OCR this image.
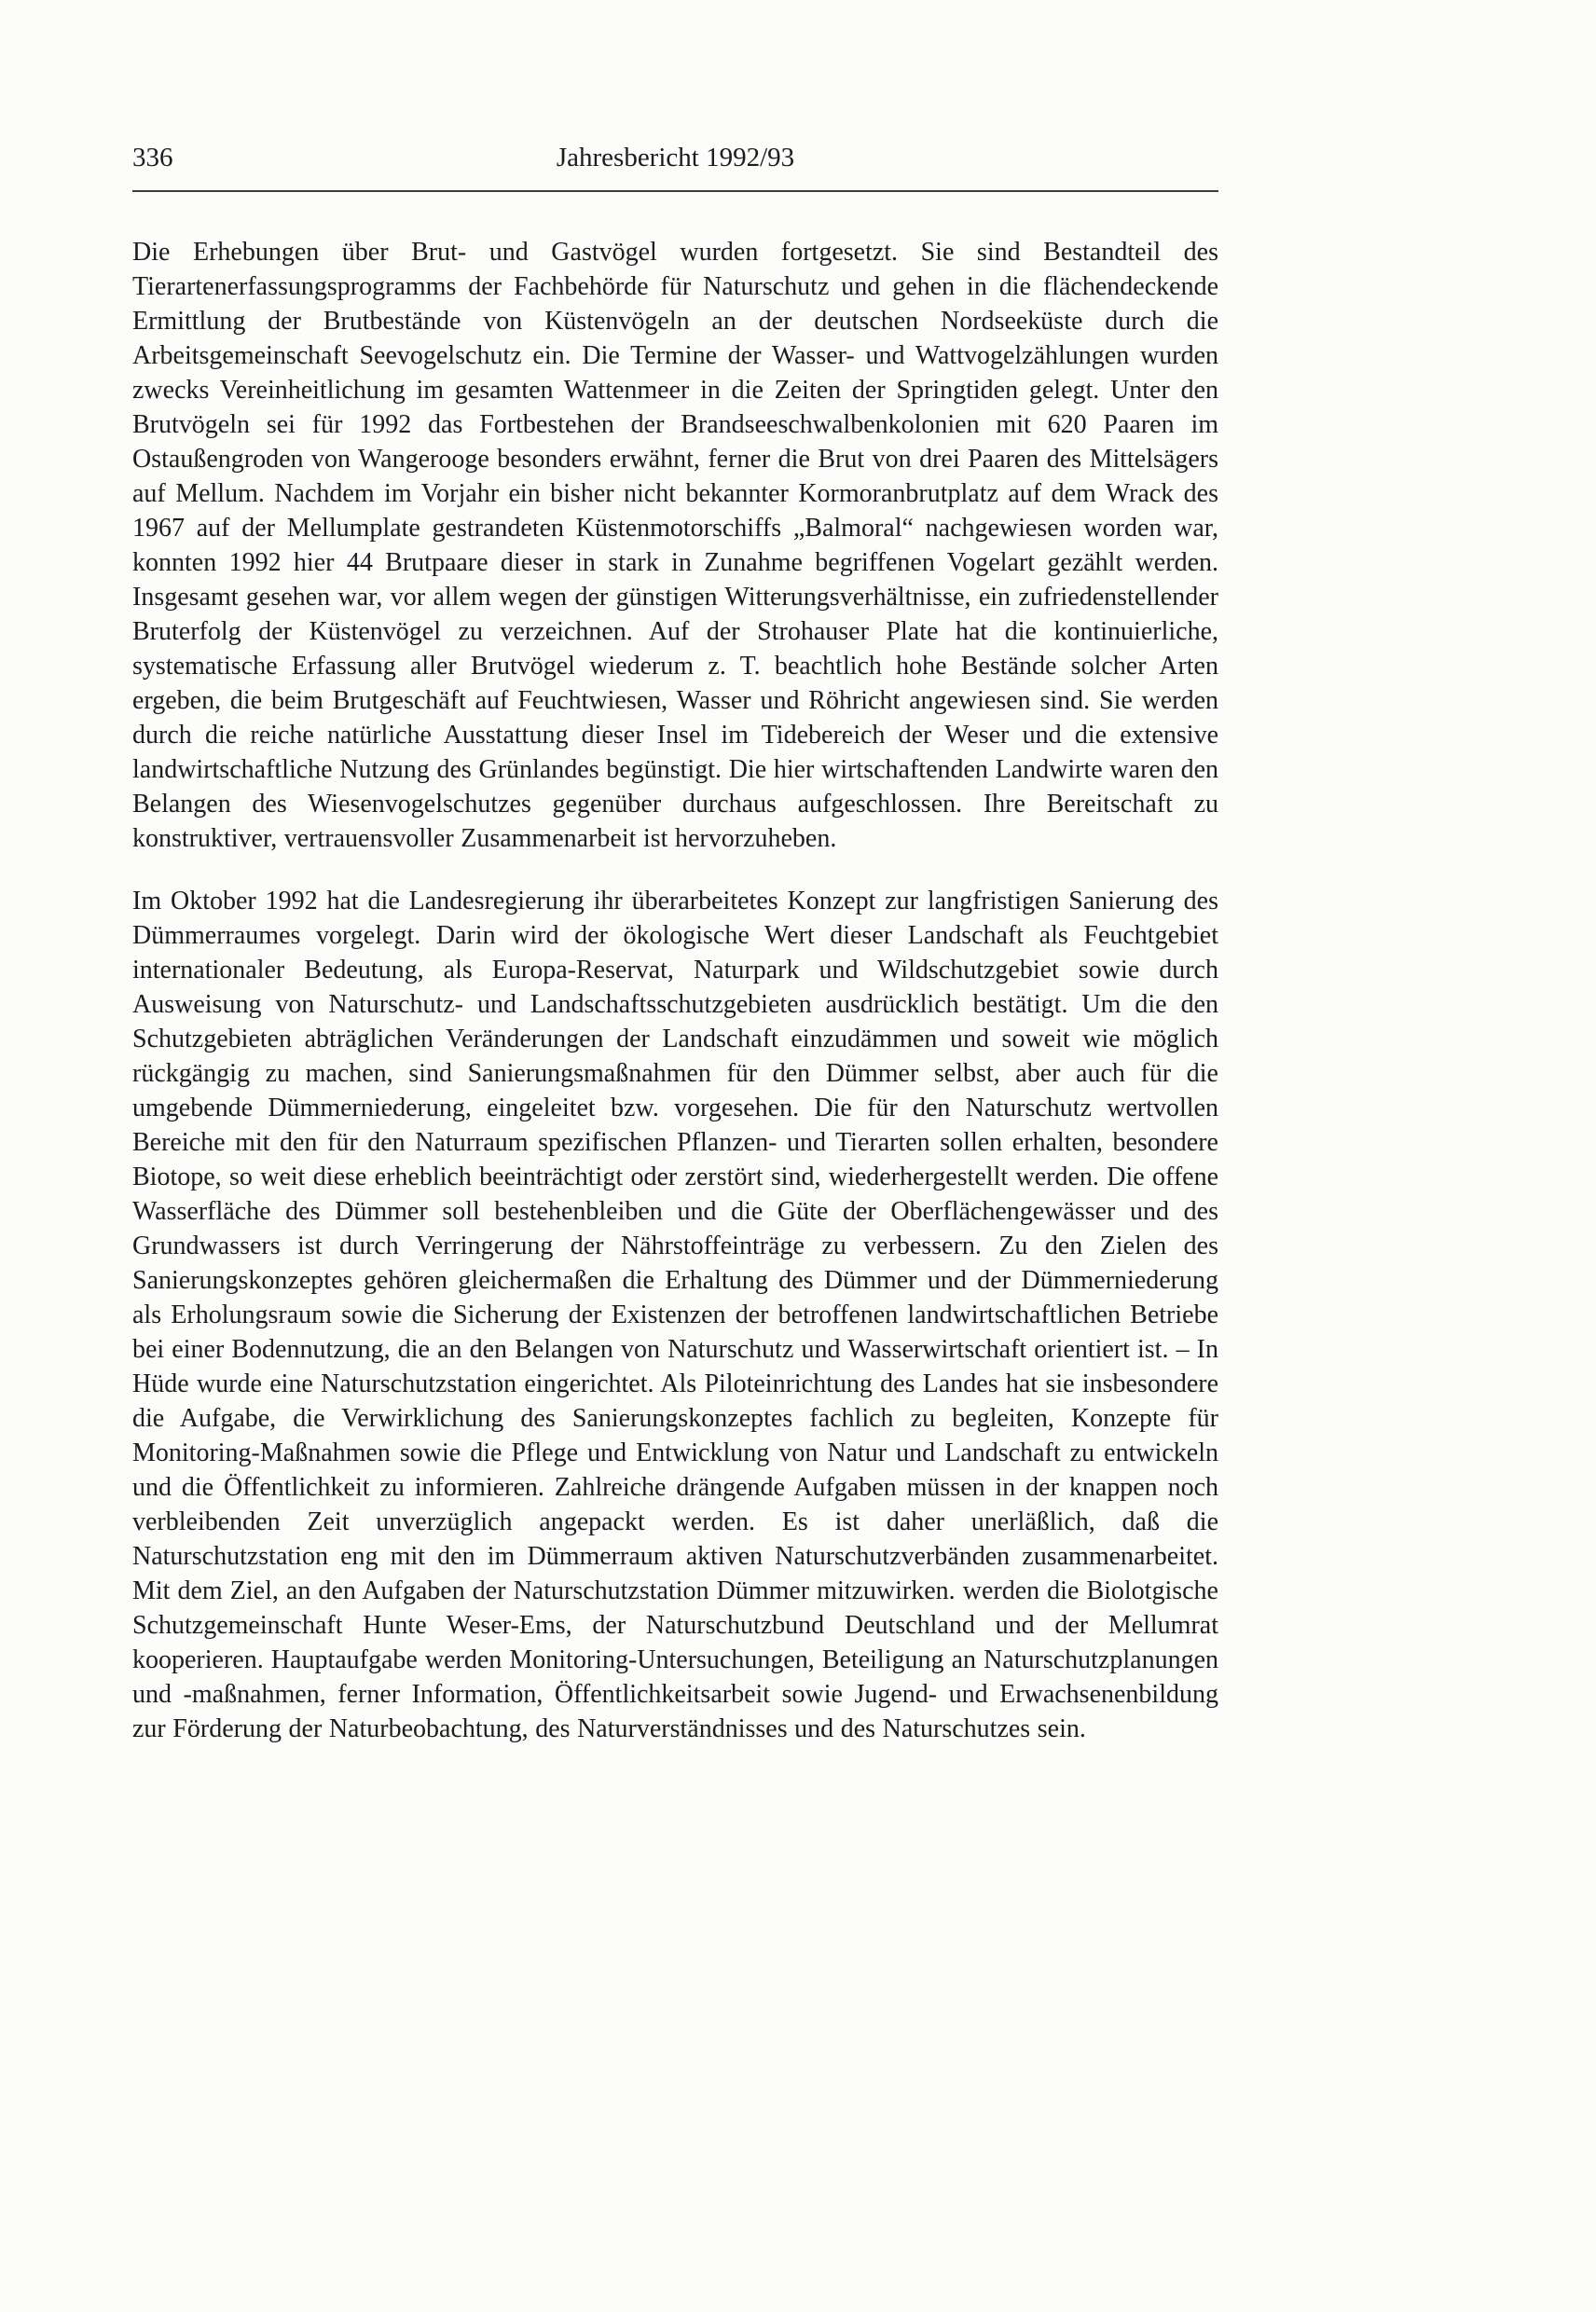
336	Jahresbericht 1992/93

Die Erhebungen über Brut- und Gastvögel wurden fortgesetzt. Sie sind Bestandteil des Tierartenerfassungsprogramms der Fachbehörde für Naturschutz und gehen in die flächendeckende Ermittlung der Brutbestände von Küstenvögeln an der deutschen Nordseeküste durch die Arbeitsgemeinschaft Seevogelschutz ein. Die Termine der Wasser- und Wattvogelzählungen wurden zwecks Vereinheitlichung im gesamten Wattenmeer in die Zeiten der Springtiden gelegt. Unter den Brutvögeln sei für 1992 das Fortbestehen der Brandseeschwalbenkolonien mit 620 Paaren im Ostaußengroden von Wangerooge besonders erwähnt, ferner die Brut von drei Paaren des Mittelsägers auf Mellum. Nachdem im Vorjahr ein bisher nicht bekannter Kormoranbrutplatz auf dem Wrack des 1967 auf der Mellumplate gestrandeten Küstenmotorschiffs „Balmoral“ nachgewiesen worden war, konnten 1992 hier 44 Brutpaare dieser in stark in Zunahme begriffenen Vogelart gezählt werden. Insgesamt gesehen war, vor allem wegen der günstigen Witterungsverhältnisse, ein zufriedenstellender Bruterfolg der Küstenvögel zu verzeichnen. Auf der Strohauser Plate hat die kontinuierliche, systematische Erfassung aller Brutvögel wiederum z. T. beachtlich hohe Bestände solcher Arten ergeben, die beim Brutgeschäft auf Feuchtwiesen, Wasser und Röhricht angewiesen sind. Sie werden durch die reiche natürliche Ausstattung dieser Insel im Tidebereich der Weser und die extensive landwirtschaftliche Nutzung des Grünlandes begünstigt. Die hier wirtschaftenden Landwirte waren den Belangen des Wiesenvogelschutzes gegenüber durchaus aufgeschlossen. Ihre Bereitschaft zu konstruktiver, vertrauensvoller Zusammenarbeit ist hervorzuheben.

Im Oktober 1992 hat die Landesregierung ihr überarbeitetes Konzept zur langfristigen Sanierung des Dümmerraumes vorgelegt. Darin wird der ökologische Wert dieser Landschaft als Feuchtgebiet internationaler Bedeutung, als Europa-Reservat, Naturpark und Wildschutzgebiet sowie durch Ausweisung von Naturschutz- und Landschaftsschutzgebieten ausdrücklich bestätigt. Um die den Schutzgebieten abträglichen Veränderungen der Landschaft einzudämmen und soweit wie möglich rückgängig zu machen, sind Sanierungsmaßnahmen für den Dümmer selbst, aber auch für die umgebende Dümmerniederung, eingeleitet bzw. vorgesehen. Die für den Naturschutz wertvollen Bereiche mit den für den Naturraum spezifischen Pflanzen- und Tierarten sollen erhalten, besondere Biotope, so weit diese erheblich beeinträchtigt oder zerstört sind, wiederhergestellt werden. Die offene Wasserfläche des Dümmer soll bestehenbleiben und die Güte der Oberflächengewässer und des Grundwassers ist durch Verringerung der Nährstoffeinträge zu verbessern. Zu den Zielen des Sanierungskonzeptes gehören gleichermaßen die Erhaltung des Dümmer und der Dümmerniederung als Erholungsraum sowie die Sicherung der Existenzen der betroffenen landwirtschaftlichen Betriebe bei einer Bodennutzung, die an den Belangen von Naturschutz und Wasserwirtschaft orientiert ist. – In Hüde wurde eine Naturschutzstation eingerichtet. Als Piloteinrichtung des Landes hat sie insbesondere die Aufgabe, die Verwirklichung des Sanierungskonzeptes fachlich zu begleiten, Konzepte für Monitoring-Maßnahmen sowie die Pflege und Entwicklung von Natur und Landschaft zu entwickeln und die Öffentlichkeit zu informieren. Zahlreiche drängende Aufgaben müssen in der knappen noch verbleibenden Zeit unverzüglich angepackt werden. Es ist daher unerläßlich, daß die Naturschutzstation eng mit den im Dümmerraum aktiven Naturschutzverbänden zusammenarbeitet. Mit dem Ziel, an den Aufgaben der Naturschutzstation Dümmer mitzuwirken. werden die Biolotgische Schutzgemeinschaft Hunte Weser-Ems, der Naturschutzbund Deutschland und der Mellumrat kooperieren. Hauptaufgabe werden Monitoring-Untersuchungen, Beteiligung an Naturschutzplanungen und -maßnahmen, ferner Information, Öffentlichkeitsarbeit sowie Jugend- und Erwachsenenbildung zur Förderung der Naturbeobachtung, des Naturverständnisses und des Naturschutzes sein.
